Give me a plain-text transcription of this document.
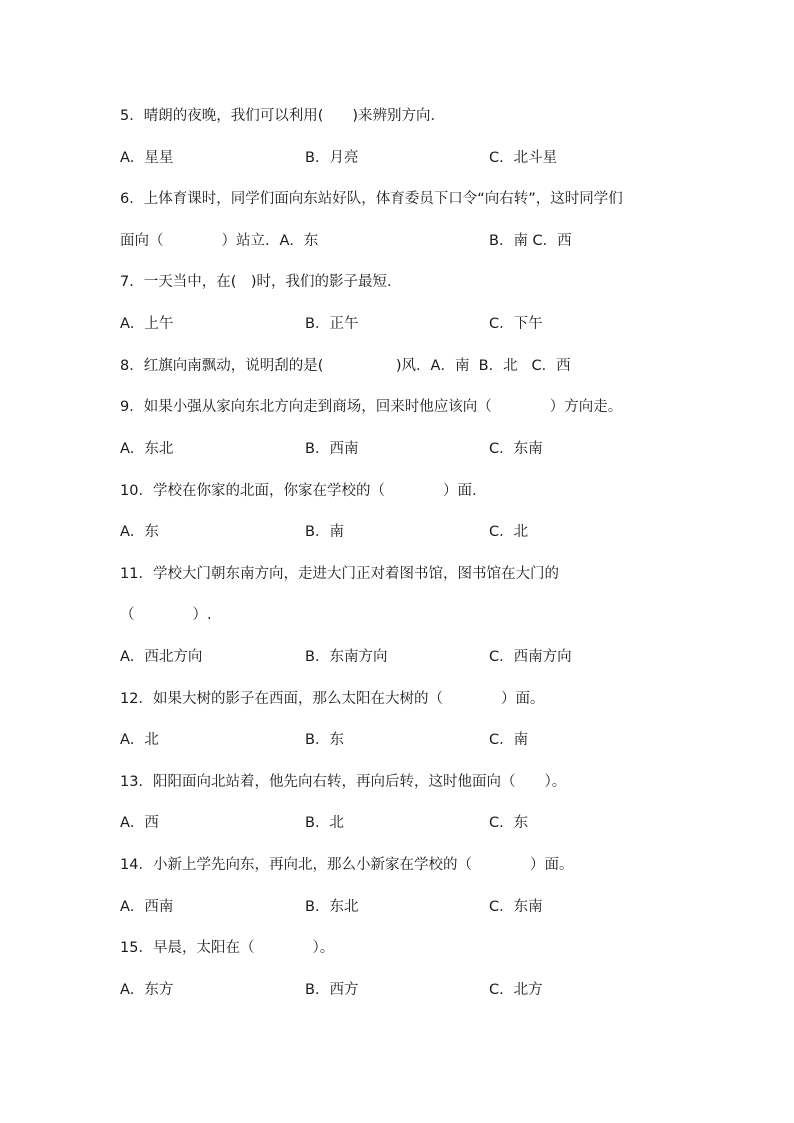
5．晴朗的夜晚，我们可以利用(　　)来辨别方向．
A．星星	B．月亮	C．北斗星
6．上体育课时，同学们面向东站好队，体育委员下口令“向右转”，这时同学们
面向（　　　　）站立．A．东	B．南 C．西
7．一天当中，在(　)时，我们的影子最短．
A．上午	B．正午	C．下午
8．红旗向南飘动，说明刮的是(　　　　　)风．A．南  B．北   C．西
9．如果小强从家向东北方向走到商场，回来时他应该向（　　　　）方向走。
A．东北	B．西南	C．东南
10．学校在你家的北面，你家在学校的（　　　　）面．
A．东	B．南	C．北
11．学校大门朝东南方向，走进大门正对着图书馆，图书馆在大门的
（　　　　）.
A．西北方向	B．东南方向	C．西南方向
12．如果大树的影子在西面，那么太阳在大树的（　　　　）面。
A．北	B．东	C．南
13．阳阳面向北站着，他先向右转，再向后转，这时他面向（　　）。
A．西	B．北	C．东
14．小新上学先向东，再向北，那么小新家在学校的（　　　　）面。
A．西南	B．东北	C．东南
15．早晨，太阳在（　　　　）。
A．东方	B．西方	C．北方
